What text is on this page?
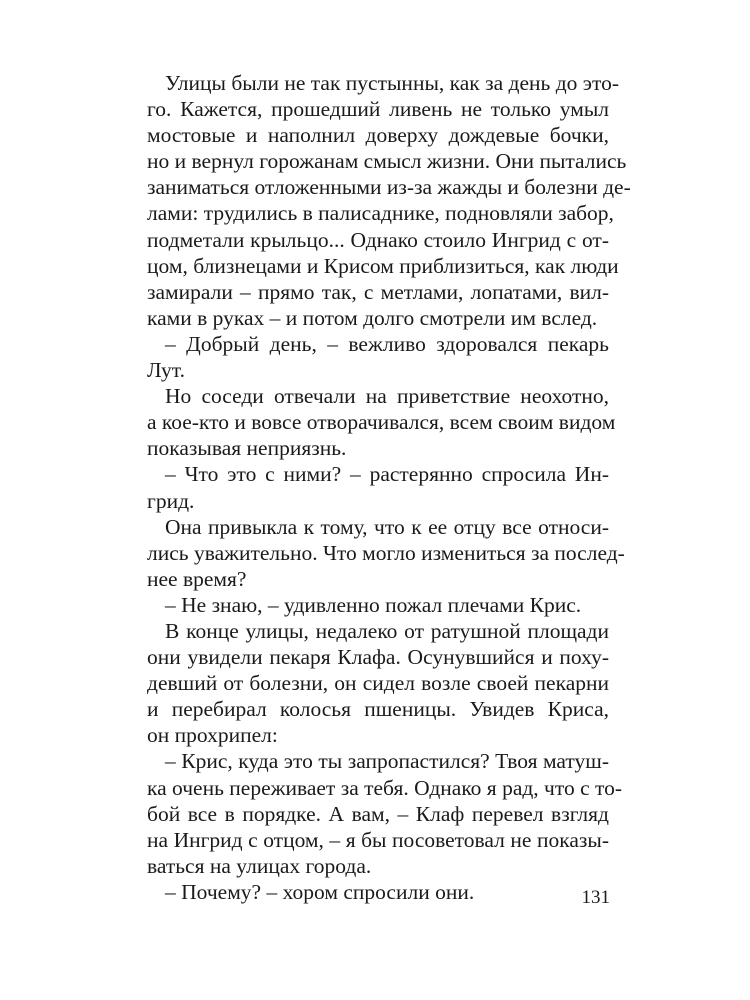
Улицы были не так пустынны, как за день до это-
го. Кажется, прошедший ливень не только умыл
мостовые и наполнил доверху дождевые бочки,
но и вернул горожанам смысл жизни. Они пытались
заниматься отложенными из-за жажды и болезни де-
лами: трудились в палисаднике, подновляли забор,
подметали крыльцо... Однако стоило Ингрид с от-
цом, близнецами и Крисом приблизиться, как люди
замирали – прямо так, с метлами, лопатами, вил-
ками в руках – и потом долго смотрели им вслед.
– Добрый день, – вежливо здоровался пекарь
Лут.
Но соседи отвечали на приветствие неохотно,
а кое-кто и вовсе отворачивался, всем своим видом
показывая неприязнь.
– Что это с ними? – растерянно спросила Ин-
грид.
Она привыкла к тому, что к ее отцу все относи-
лись уважительно. Что могло измениться за послед-
нее время?
– Не знаю, – удивленно пожал плечами Крис.
В конце улицы, недалеко от ратушной площади
они увидели пекаря Клафа. Осунувшийся и поху-
девший от болезни, он сидел возле своей пекарни
и перебирал колосья пшеницы. Увидев Криса,
он прохрипел:
– Крис, куда это ты запропастился? Твоя матуш-
ка очень переживает за тебя. Однако я рад, что с то-
бой все в порядке. А вам, – Клаф перевел взгляд
на Ингрид с отцом, – я бы посоветовал не показы-
ваться на улицах города.
– Почему? – хором спросили они.	131
